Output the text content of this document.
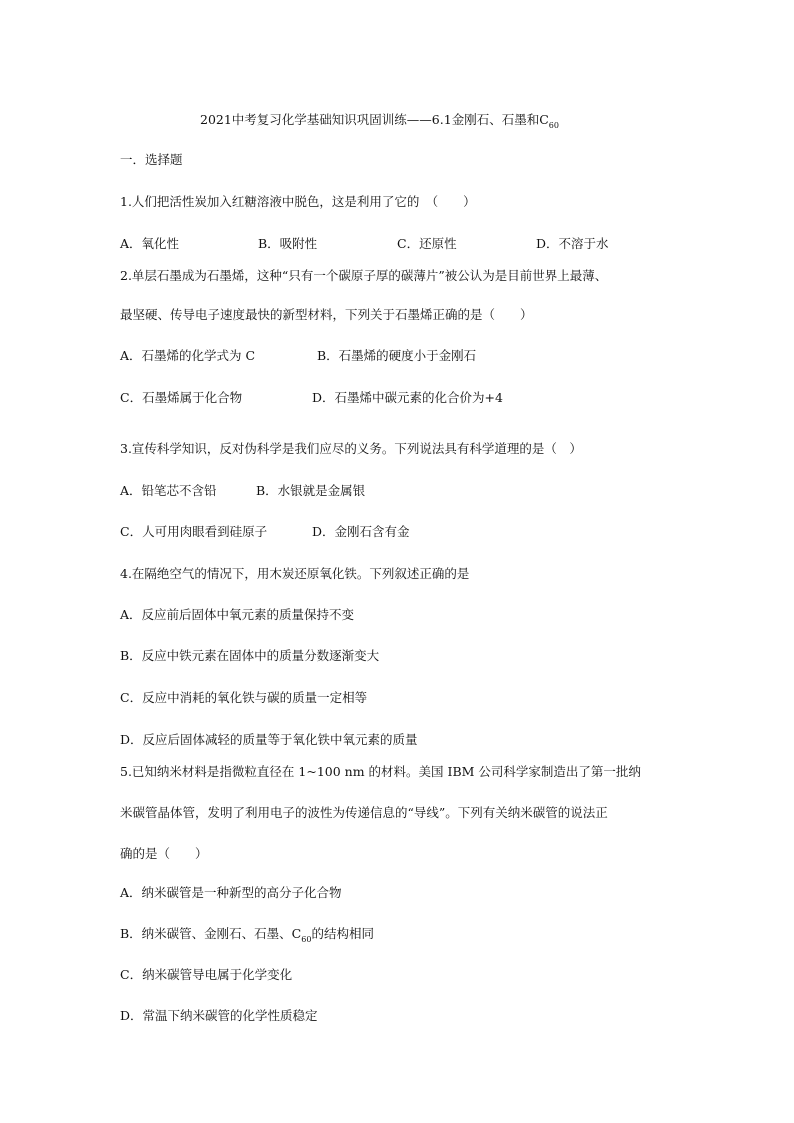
2021中考复习化学基础知识巩固训练——6.1金刚石、石墨和$C_{60}$
一．选择题
1.人们把活性炭加入红糖溶液中脱色，这是利用了它的　（　　）
A．氧化性	B．吸附性	C．还原性	D．不溶于水
2.单层石墨成为石墨烯，这种“只有一个碳原子厚的碳薄片”被公认为是目前世界上最薄、
最坚硬、传导电子速度最快的新型材料，下列关于石墨烯正确的是（　　）
A．石墨烯的化学式为 C	B．石墨烯的硬度小于金刚石
C．石墨烯属于化合物	D．石墨烯中碳元素的化合价为+4
3.宣传科学知识，反对伪科学是我们应尽的义务。下列说法具有科学道理的是（　）
A．铅笔芯不含铅	B．水银就是金属银
C．人可用肉眼看到硅原子	D．金刚石含有金
4.在隔绝空气的情况下，用木炭还原氧化铁。下列叙述正确的是
A．反应前后固体中氧元素的质量保持不变
B．反应中铁元素在固体中的质量分数逐渐变大
C．反应中消耗的氧化铁与碳的质量一定相等
D．反应后固体减轻的质量等于氧化铁中氧元素的质量
5.已知纳米材料是指微粒直径在 1~100 nm 的材料。美国 IBM 公司科学家制造出了第一批纳
米碳管晶体管，发明了利用电子的波性为传递信息的“导线”。下列有关纳米碳管的说法正
确的是（　　）
A．纳米碳管是一种新型的高分子化合物
B．纳米碳管、金刚石、石墨、$C_{60}$的结构相同
C．纳米碳管导电属于化学变化
D．常温下纳米碳管的化学性质稳定
